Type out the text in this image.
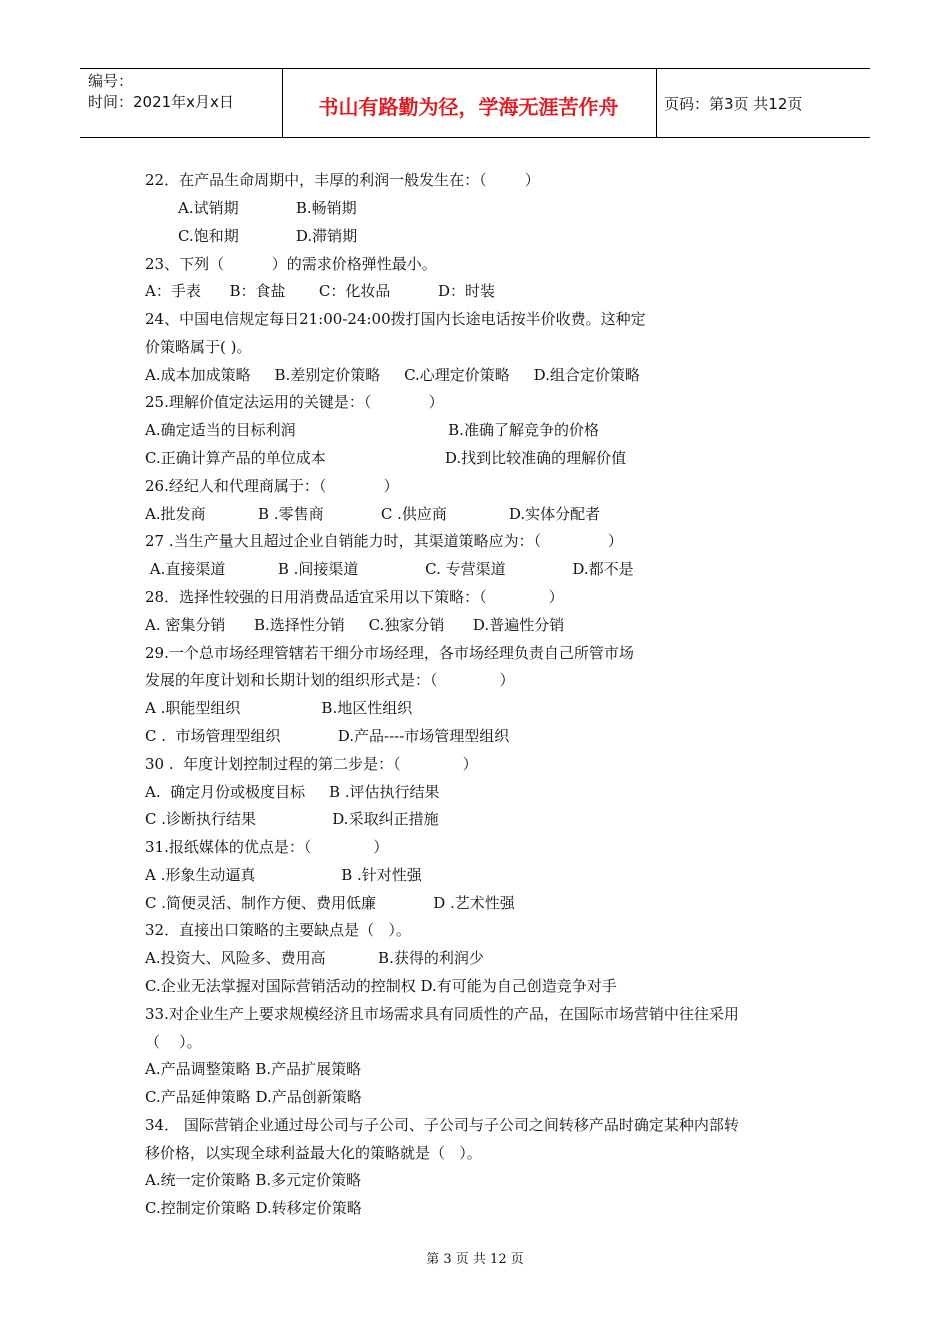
编号：
时间：2021年x月x日	书山有路勤为径，学海无涯苦作舟	页码：第3页 共12页
22．在产品生命周期中，丰厚的利润一般发生在：（        ）
A.试销期            B.畅销期
C.饱和期            D.滞销期
23、下列（          ）的需求价格弹性最小。
A：手表      B：食盐       C：化妆品          D：时装
24、中国电信规定每日21:00-24:00拨打国内长途电话按半价收费。这种定
价策略属于( )。
A.成本加成策略     B.差别定价策略     C.心理定价策略     D.组合定价策略
25.理解价值定法运用的关键是：（            ）
A.确定适当的目标利润                                B.准确了解竞争的价格
C.正确计算产品的单位成本                         D.找到比较准确的理解价值
26.经纪人和代理商属于：（            ）
A.批发商           B .零售商            C .供应商             D.实体分配者
27 .当生产量大且超过企业自销能力时，其渠道策略应为：（              ）
A.直接渠道           B .间接渠道              C. 专营渠道              D.都不是
28．选择性较强的日用消费品适宜采用以下策略：（             ）
A. 密集分销      B.选择性分销     C.独家分销      D.普遍性分销
29.一个总市场经理管辖若干细分市场经理，各市场经理负责自己所管市场
发展的年度计划和长期计划的组织形式是：（             ）
A .职能型组织                 B.地区性组织
C .  市场管理型组织            D.产品----市场管理型组织
30 .  年度计划控制过程的第二步是：（             ）
A.  确定月份或极度目标     B .评估执行结果
C .诊断执行结果                D.采取纠正措施
31.报纸媒体的优点是：（             ）
A .形象生动逼真                  B .针对性强
C .简便灵活、制作方便、费用低廉            D .艺术性强
32．直接出口策略的主要缺点是（   ）。
A.投资大、风险多、费用高           B.获得的利润少
C.企业无法掌握对国际营销活动的控制权 D.有可能为自己创造竞争对手
33.对企业生产上要求规模经济且市场需求具有同质性的产品，在国际市场营销中往往采用
（    ）。
A.产品调整策略 B.产品扩展策略
C.产品延伸策略 D.产品创新策略
34． 国际营销企业通过母公司与子公司、子公司与子公司之间转移产品时确定某种内部转
移价格，以实现全球利益最大化的策略就是（   ）。
A.统一定价策略 B.多元定价策略
C.控制定价策略 D.转移定价策略
第 3 页 共 12 页
